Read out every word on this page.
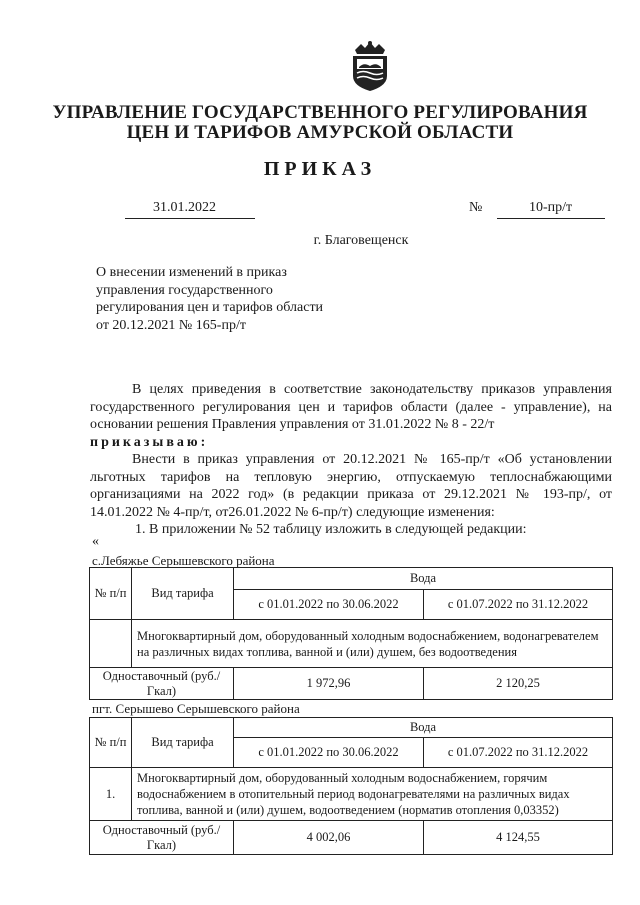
УПРАВЛЕНИЕ ГОСУДАРСТВЕННОГО РЕГУЛИРОВАНИЯ
ЦЕН И ТАРИФОВ АМУРСКОЙ ОБЛАСТИ
ПРИКАЗ
31.01.2022	№	10-пр/т
г. Благовещенск
О внесении изменений в приказ
управления государственного
регулирования цен и тарифов области
от 20.12.2021 № 165-пр/т
В целях приведения в соответствие законодательству приказов управления
государственного регулирования цен и тарифов области (далее - управление), на
основании решения Правления управления от 31.01.2022 № 8 - 22/т
приказываю:
Внести в приказ управления от 20.12.2021 № 165-пр/т «Об установлении
льготных тарифов на тепловую энергию, отпускаемую теплоснабжающими
организациями на 2022 год» (в редакции приказа от 29.12.2021 № 193-пр/, от
14.01.2022 № 4-пр/т, от26.01.2022 № 6-пр/т) следующие изменения:
1. В приложении № 52 таблицу изложить в следующей редакции:
«
с.Лебяжье Серышевского района
№ п/п	Вид тарифа	Вода	
		с 01.01.2022 по 30.06.2022	с 01.07.2022 по 31.12.2022
	Многоквартирный дом, оборудованный холодным водоснабжением, водонагревателем на различных видах топлива, ванной и (или) душем, без водоотведения		
Одноставочный (руб./Гкал)		1 972,96	2 120,25
пгт. Серышево Серышевского района
№ п/п	Вид тарифа	Вода	
		с 01.01.2022 по 30.06.2022	с 01.07.2022 по 31.12.2022
1.	Многоквартирный дом, оборудованный холодным водоснабжением, горячим водоснабжением в отопительный период водонагревателями на различных видах топлива, ванной и (или) душем, водоотведением (норматив отопления 0,03352)		
Одноставочный (руб./Гкал)		4 002,06	4 124,55
